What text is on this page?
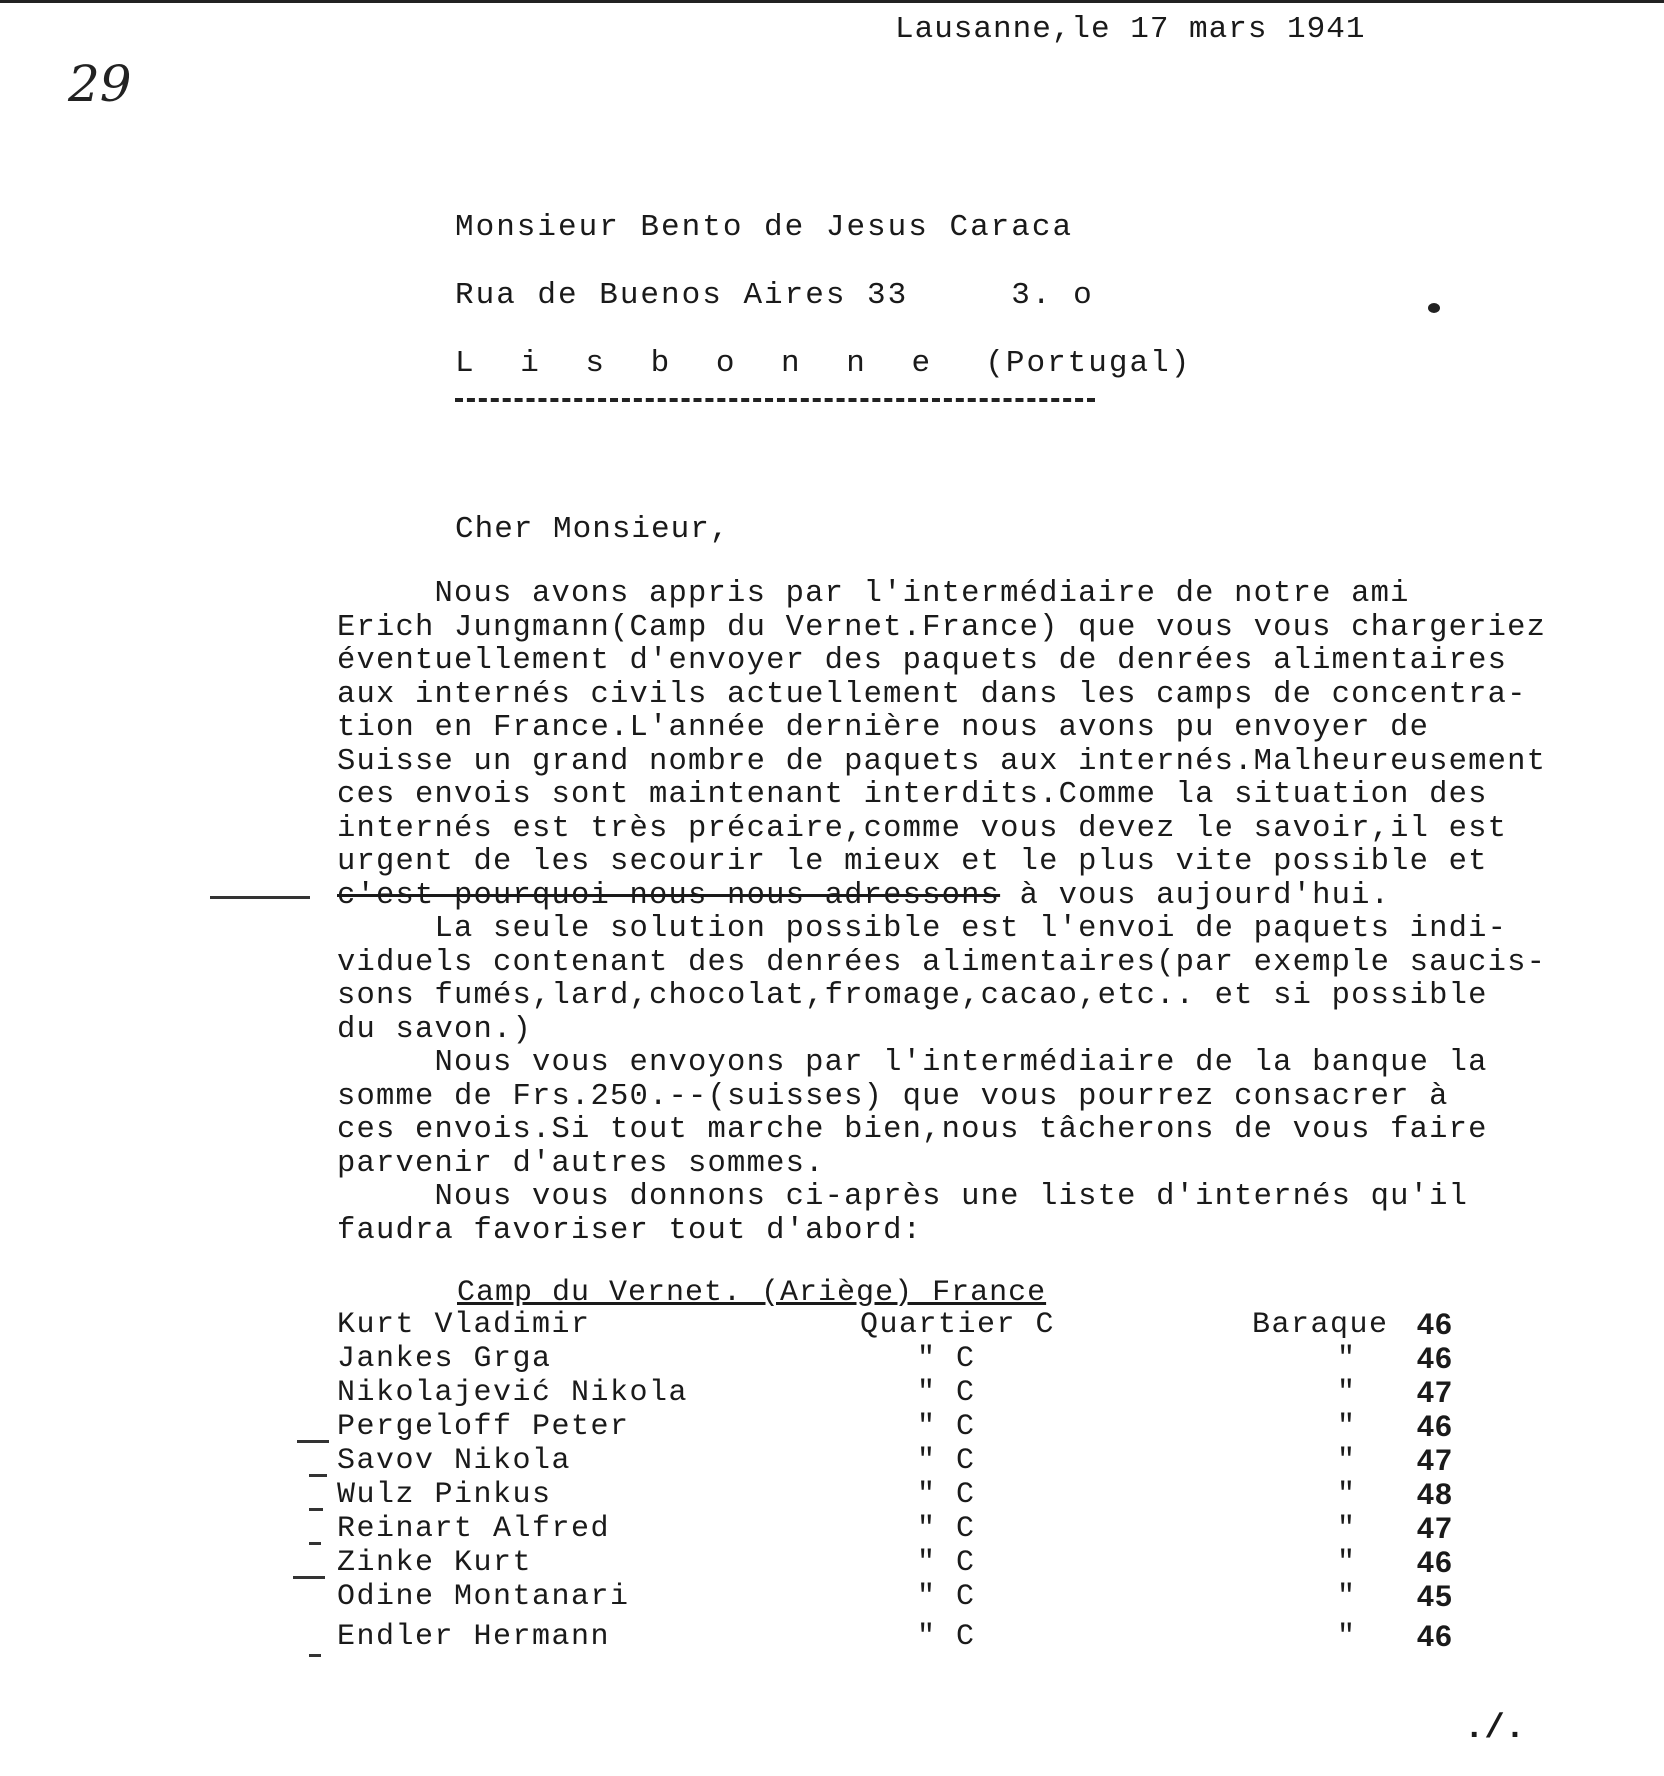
Lausanne,le 17 mars 1941
29
Monsieur Bento de Jesus Caraca
Rua de Buenos Aires 33	3. o
L i s b o n n e (Portugal)
Cher Monsieur,

Nous avons appris par l'intermédiaire de notre ami

Erich Jungmann(Camp du Vernet.France) que vous vous chargeriez

éventuellement d'envoyer des paquets de denrées alimentaires

aux internés civils actuellement dans les camps de concentra-

tion en France.L'année dernière nous avons pu envoyer de

Suisse un grand nombre de paquets aux internés.Malheureusement

ces envois sont maintenant interdits.Comme la situation des

internés est très précaire,comme vous devez le savoir,il est

urgent de les secourir le mieux et le plus vite possible et

c'est pourquoi nous nous adressons à vous aujourd'hui.

La seule solution possible est l'envoi de paquets indi-

viduels contenant des denrées alimentaires(par exemple saucis-

sons fumés,lard,chocolat,fromage,cacao,etc.. et si possible

du savon.)

Nous vous envoyons par l'intermédiaire de la banque la

somme de Frs.250.--(suisses) que vous pourrez consacrer à

ces envois.Si tout marche bien,nous tâcherons de vous faire

parvenir d'autres sommes.

Nous vous donnons ci-après une liste d'internés qu'il

faudra favoriser tout d'abord:

Camp du Vernet. (Ariège) France
Kurt Vladimir	Quartier C	Baraque 46
Jankes Grga	" C	" 46
Nikolajević Nikola	" C	" 47
Pergeloff Peter	" C	" 46
Savov Nikola	" C	" 47
Wulz Pinkus	" C	" 48
Reinart Alfred	" C	" 47
Zinke Kurt	" C	" 46
Odine Montanari	" C	" 45
Endler Hermann	" C	" 46
./.
